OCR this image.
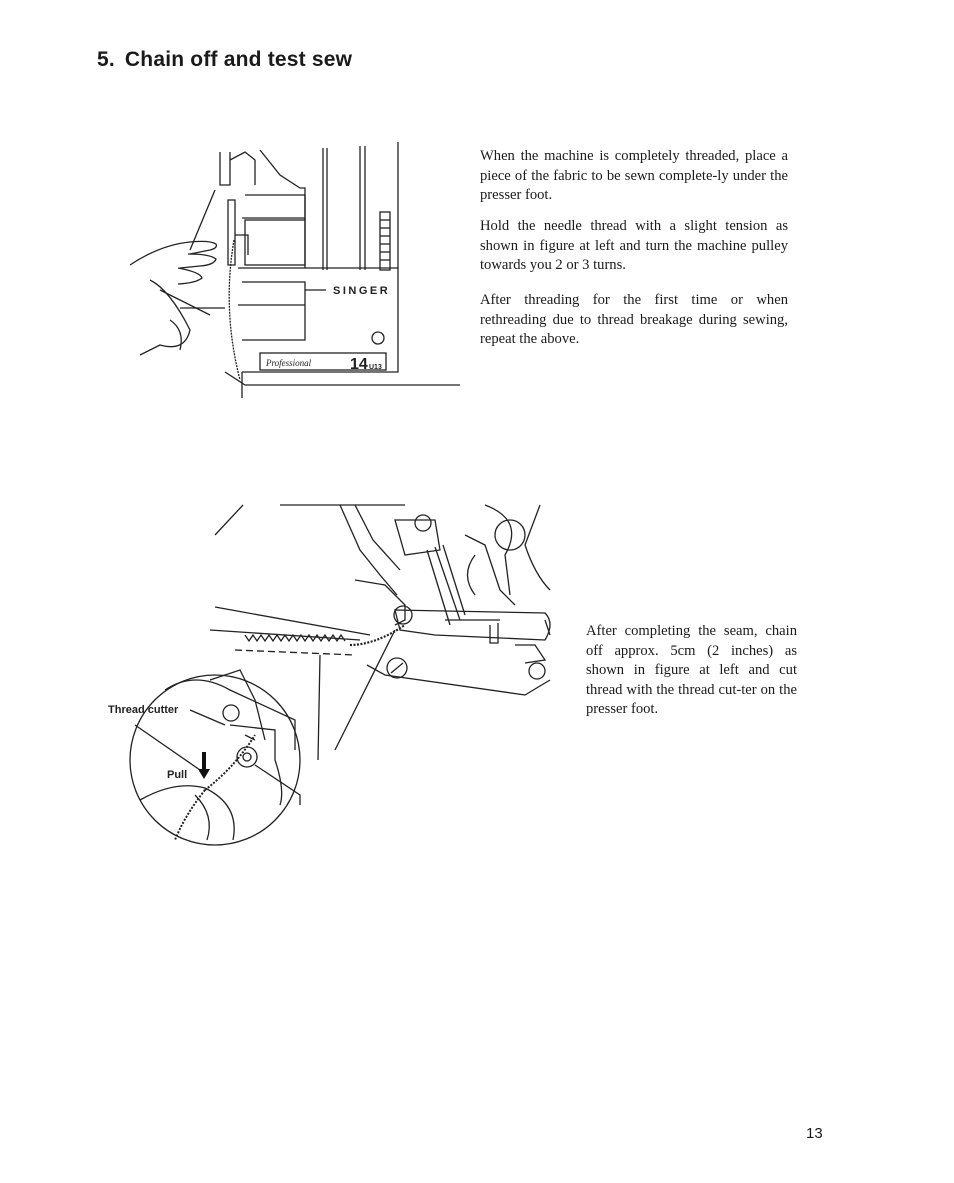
5. Chain off and test sew
SINGER
Professional 14 U13

When the machine is completely threaded, place a piece of the fabric to be sewn complete-ly under the presser foot.

Hold the needle thread with a slight tension as shown in figure at left and turn the machine pulley towards you 2 or 3 turns.

After threading for the first time or when rethreading due to thread breakage during sewing, repeat the above.

Thread cutter
Pull

After completing the seam, chain off approx. 5cm (2 inches) as shown in figure at left and cut thread with the thread cut-ter on the presser foot.

13
